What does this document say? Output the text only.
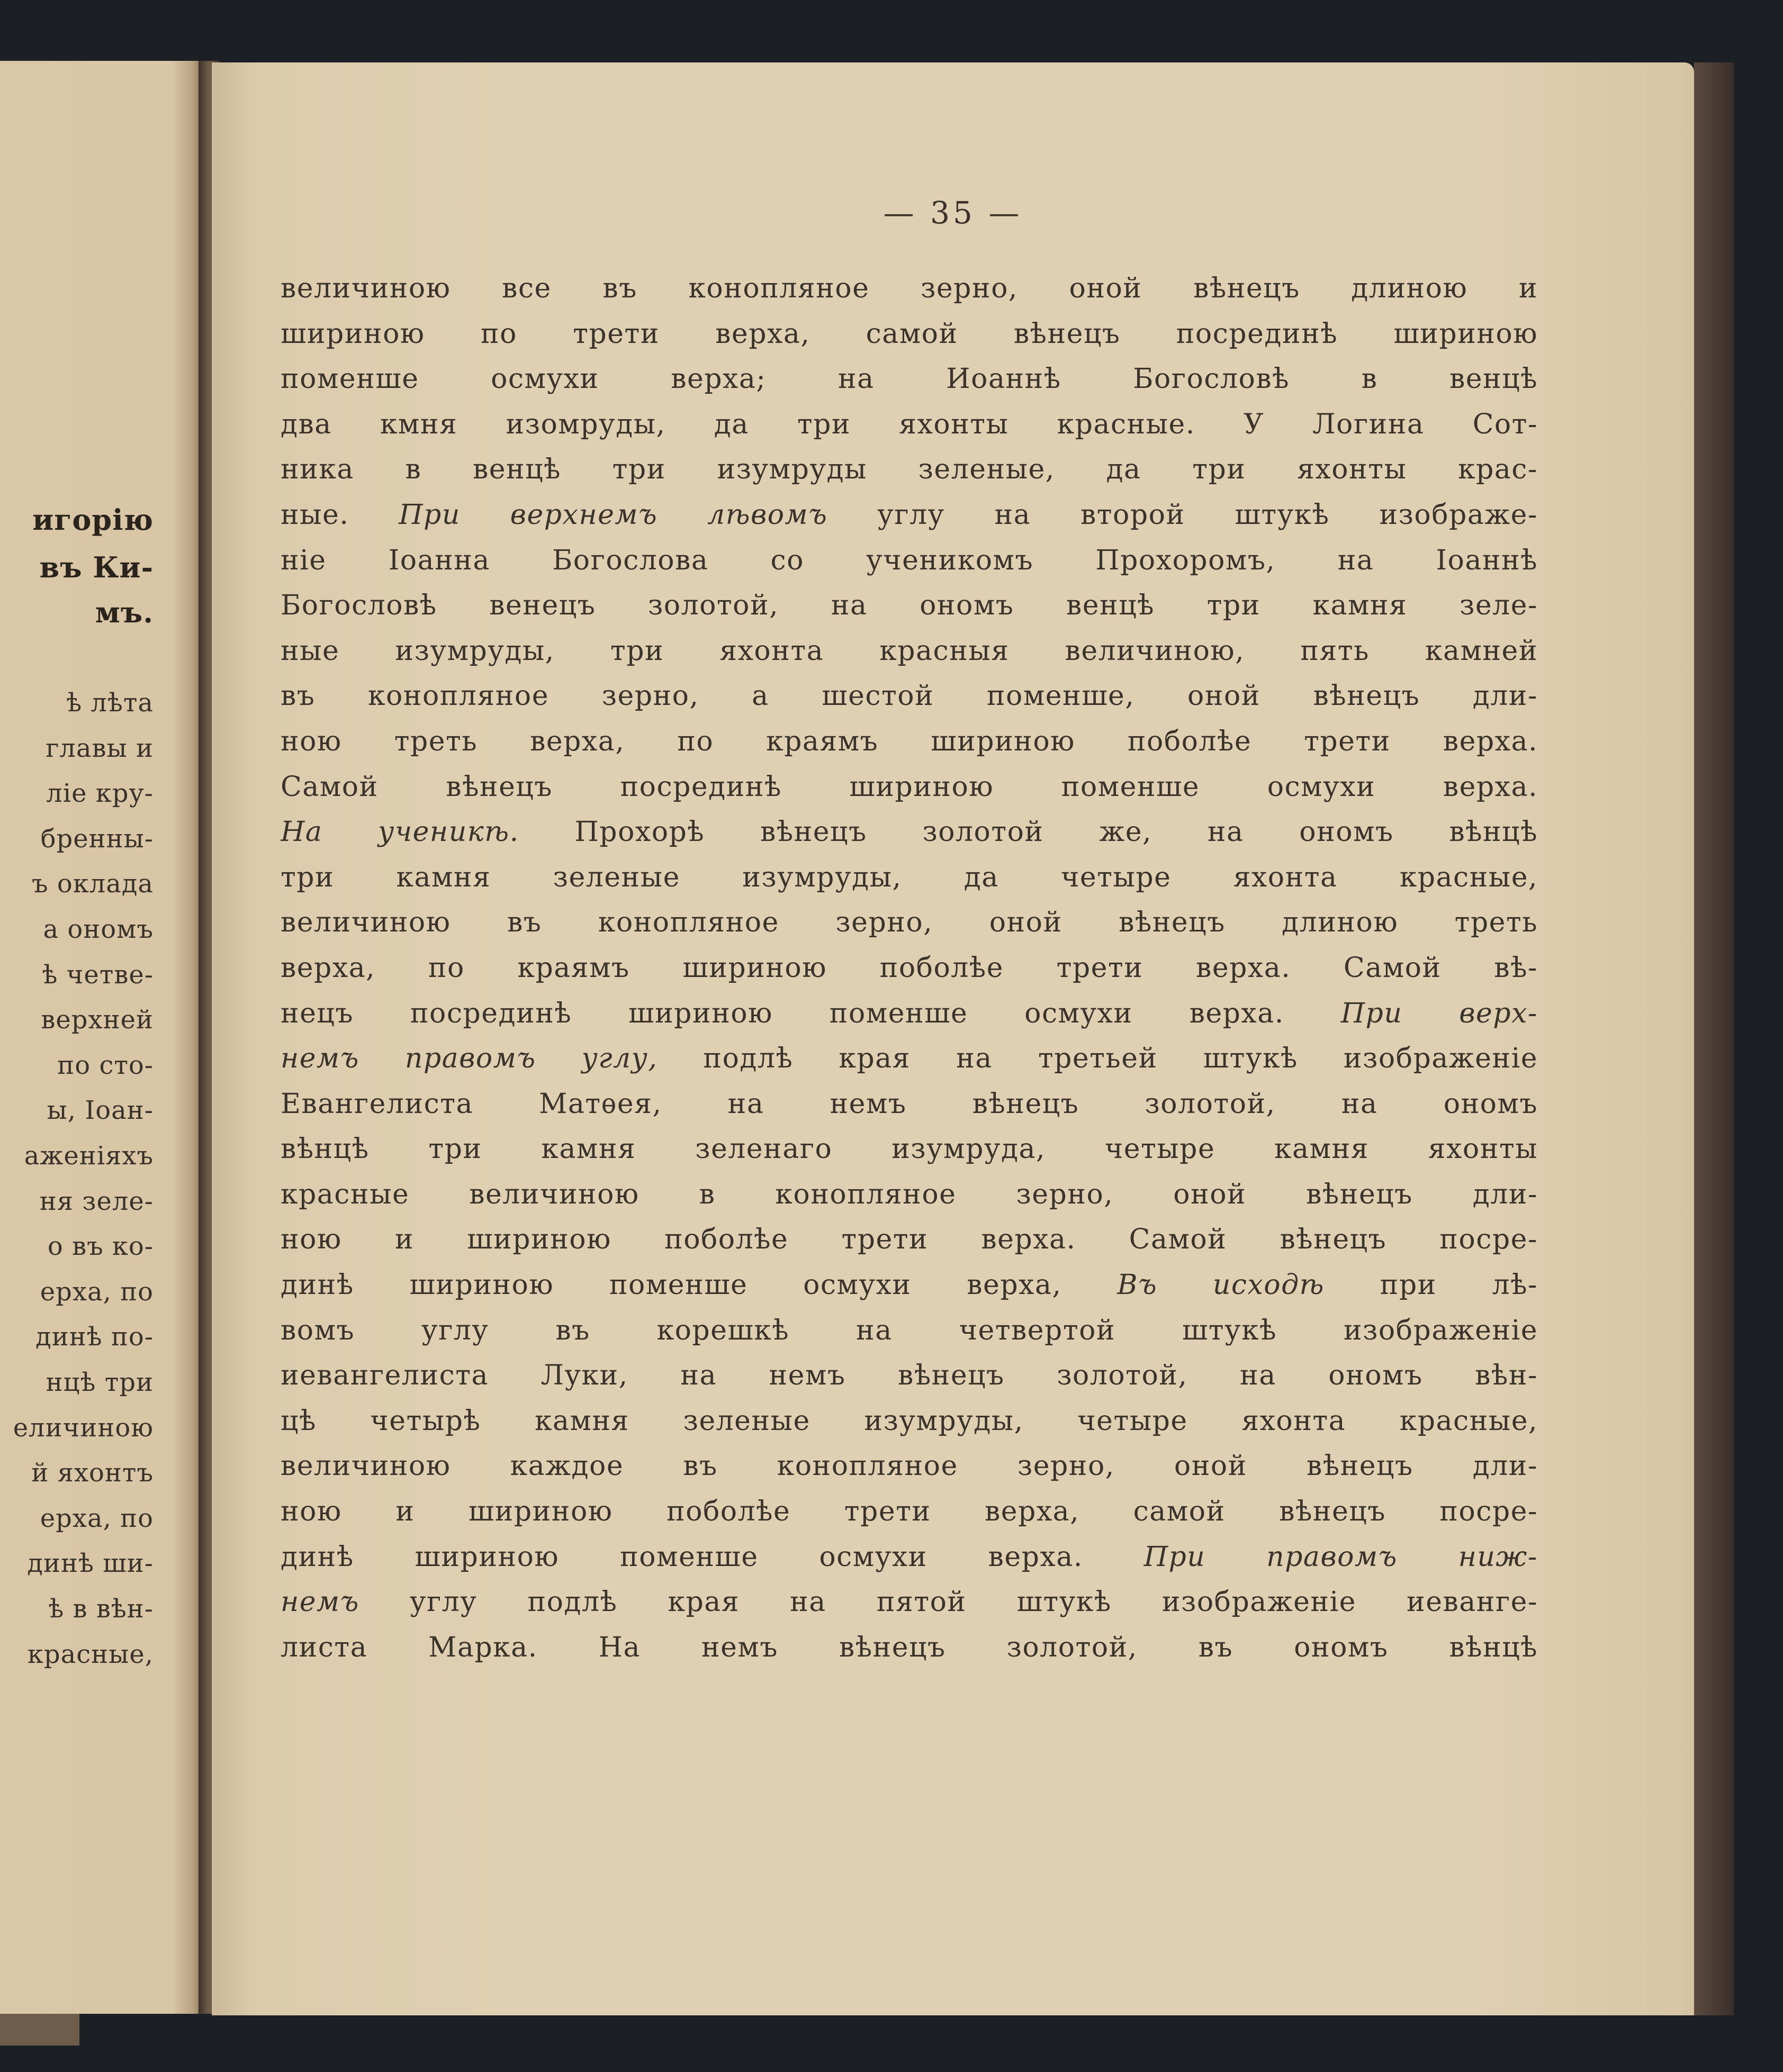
игорію
въ Ки-
мъ.
ѣ лѣта
главы и
ліе кру-
бренны-
ъ оклада
а ономъ
ѣ четве-
верхней
по сто-
ы, Іоан-
аженіяхъ
ня зеле-
о въ ко-
ерха, по
динѣ по-
нцѣ три
еличиною
й яхонтъ
ерха, по
динѣ ши-
ѣ в вѣн-
красные,
— 35 —
величиною все въ конопляное зерно, оной вѣнецъ длиною и
шириною по трети верха, самой вѣнецъ посрединѣ шириною
поменше осмухи верха; на Иоаннѣ Богословѣ в венцѣ
два кмня изомруды, да три яхонты красные. У Логина Сот-
ника в венцѣ три изумруды зеленые, да три яхонты крас-
ные. При верхнемъ лѣвомъ углу на второй штукѣ изображе-
ніе Іоанна Богослова со ученикомъ Прохоромъ, на Іоаннѣ
Богословѣ венецъ золотой, на ономъ венцѣ три камня зеле-
ные изумруды, три яхонта красныя величиною, пять камней
въ конопляное зерно, а шестой поменше, оной вѣнецъ дли-
ною треть верха, по краямъ шириною поболѣе трети верха.
Самой вѣнецъ посрединѣ шириною поменше осмухи верха.
На ученикѣ. Прохорѣ вѣнецъ золотой же, на ономъ вѣнцѣ
три камня зеленые изумруды, да четыре яхонта красные,
величиною въ конопляное зерно, оной вѣнецъ длиною треть
верха, по краямъ шириною поболѣе трети верха. Самой вѣ-
нецъ посрединѣ шириною поменше осмухи верха. При верх-
немъ правомъ углу, подлѣ края на третьей штукѣ изображеніе
Евангелиста Матѳея, на немъ вѣнецъ золотой, на ономъ
вѣнцѣ три камня зеленаго изумруда, четыре камня яхонты
красные величиною в конопляное зерно, оной вѣнецъ дли-
ною и шириною поболѣе трети верха. Самой вѣнецъ посре-
динѣ шириною поменше осмухи верха, Въ исходѣ при лѣ-
вомъ углу въ корешкѣ на четвертой штукѣ изображеніе
иевангелиста Луки, на немъ вѣнецъ золотой, на ономъ вѣн-
цѣ четырѣ камня зеленые изумруды, четыре яхонта красные,
величиною каждое въ конопляное зерно, оной вѣнецъ дли-
ною и шириною поболѣе трети верха, самой вѣнецъ посре-
динѣ шириною поменше осмухи верха. При правомъ ниж-
немъ углу подлѣ края на пятой штукѣ изображеніе иеванге-
листа Марка. На немъ вѣнецъ золотой, въ ономъ вѣнцѣ
